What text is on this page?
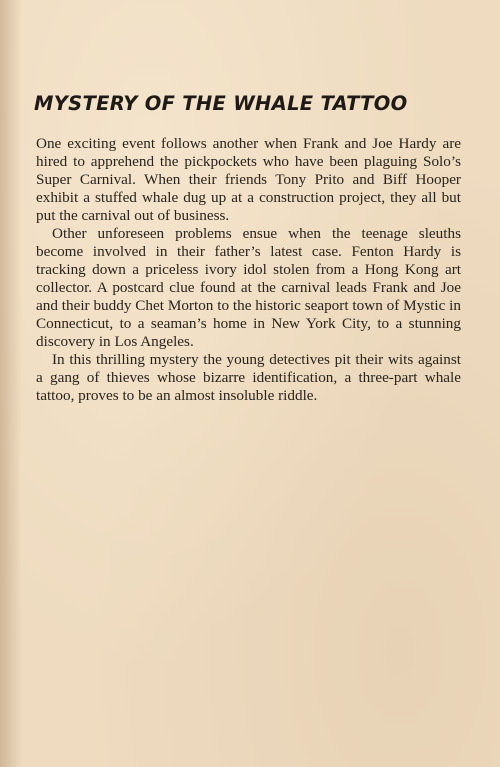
MYSTERY OF THE WHALE TATTOO

One exciting event follows another when Frank and Joe Hardy are hired to apprehend the pickpockets who have been plaguing Solo’s Super Carnival. When their friends Tony Prito and Biff Hooper exhibit a stuffed whale dug up at a construction project, they all but put the carnival out of business.

Other unforeseen problems ensue when the teenage sleuths become involved in their father’s latest case. Fenton Hardy is tracking down a priceless ivory idol stolen from a Hong Kong art collector. A postcard clue found at the carnival leads Frank and Joe and their buddy Chet Morton to the historic seaport town of Mystic in Connecticut, to a seaman’s home in New York City, to a stunning discovery in Los Angeles.

In this thrilling mystery the young detectives pit their wits against a gang of thieves whose bizarre identification, a three-part whale tattoo, proves to be an almost insoluble riddle.
